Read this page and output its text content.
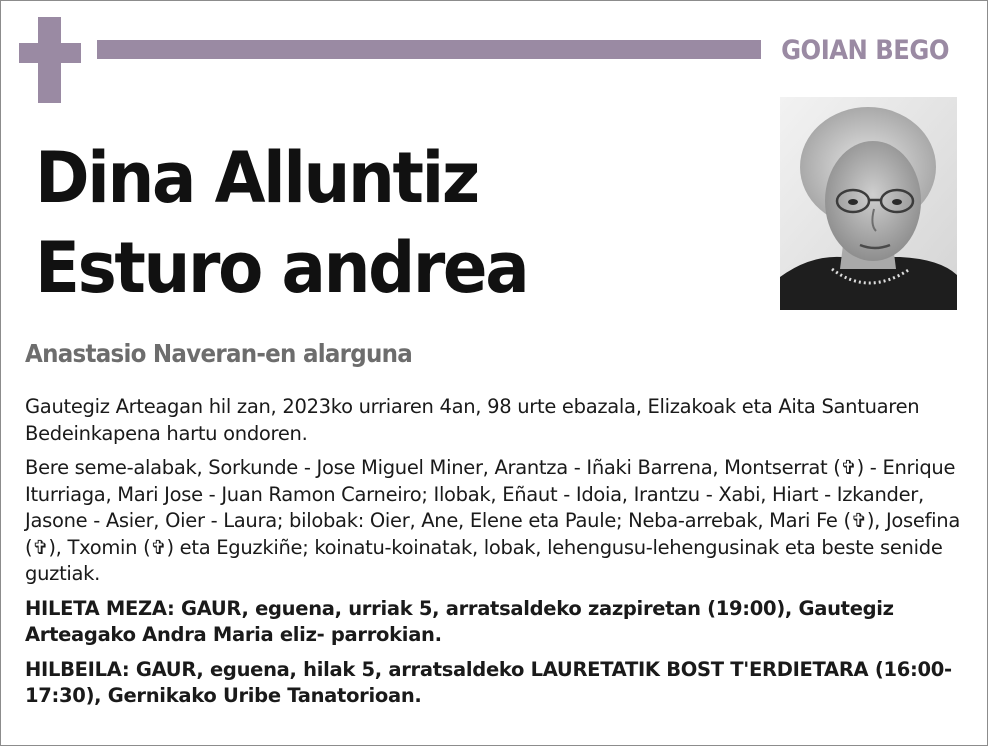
GOIAN BEGO
Dina Alluntiz
Esturo andrea
Anastasio Naveran-en alarguna

Gautegiz Arteagan hil zan, 2023ko urriaren 4an, 98 urte ebazala, Elizakoak eta Aita Santuaren Bedeinkapena hartu ondoren.

Bere seme-alabak, Sorkunde - Jose Miguel Miner, Arantza - Iñaki Barrena, Montserrat (✞) - Enrique Iturriaga, Mari Jose - Juan Ramon Carneiro; Ilobak, Eñaut - Idoia, Irantzu - Xabi, Hiart - Izkander, Jasone - Asier, Oier - Laura; bilobak: Oier, Ane, Elene eta Paule; Neba-arrebak, Mari Fe (✞), Josefina (✞), Txomin (✞) eta Eguzkiñe; koinatu-koinatak, lobak, lehengusu-lehengusinak eta beste senide guztiak.

HILETA MEZA: GAUR, eguena, urriak 5, arratsaldeko zazpiretan (19:00), Gautegiz Arteagako Andra Maria eliz- parrokian.

HILBEILA: GAUR, eguena, hilak 5, arratsaldeko LAURETATIK BOST T'ERDIETARA (16:00-17:30), Gernikako Uribe Tanatorioan.
